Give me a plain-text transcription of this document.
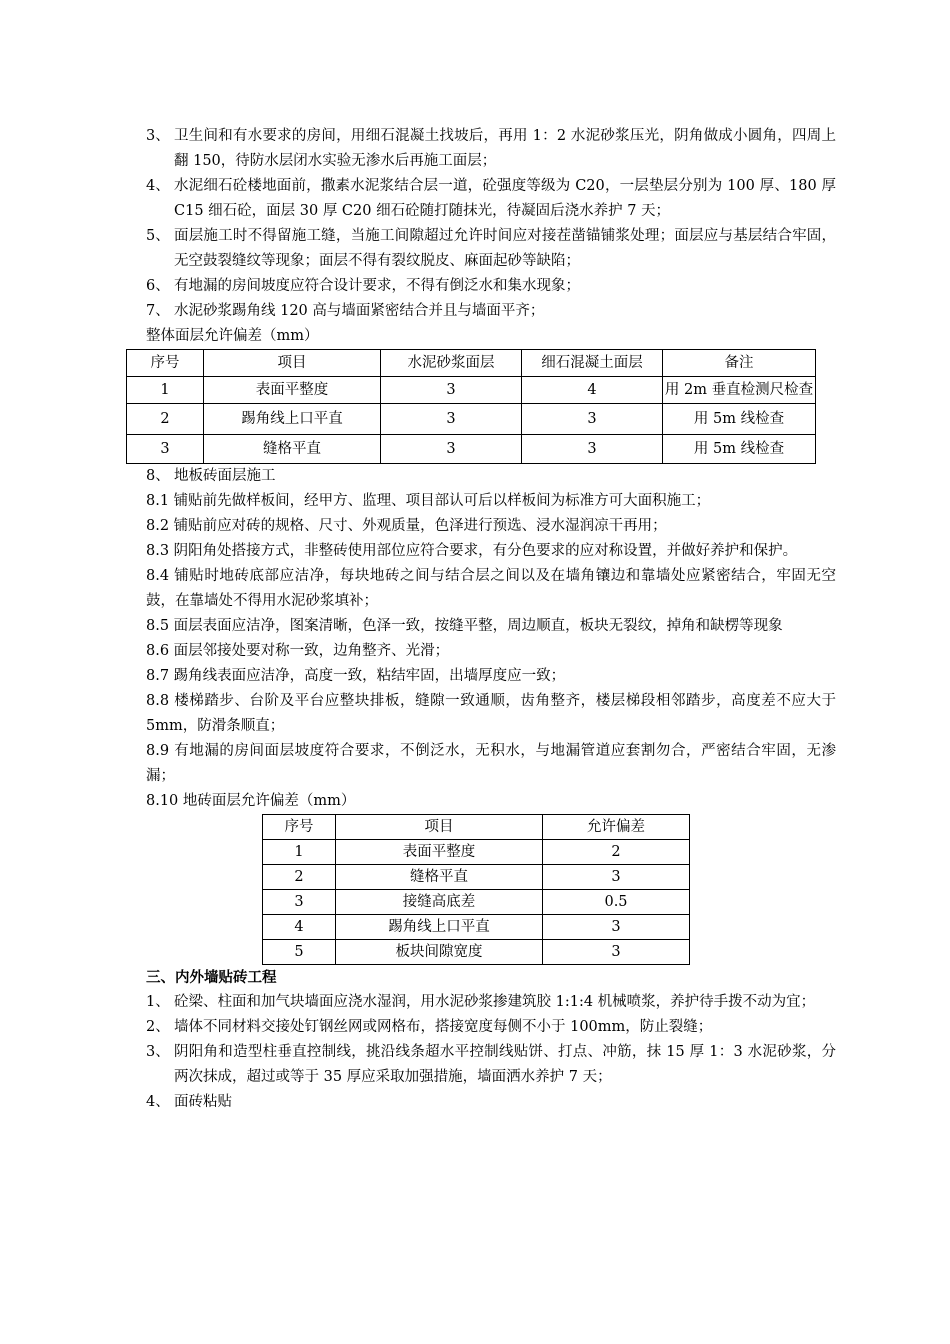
3、 卫生间和有水要求的房间，用细石混凝土找坡后，再用 1：2 水泥砂浆压光，阴角做成小圆角，四周上翻 150，待防水层闭水实验无渗水后再施工面层；
4、 水泥细石砼楼地面前，撒素水泥浆结合层一道，砼强度等级为 C20，一层垫层分别为 100 厚、180 厚 C15 细石砼，面层 30 厚 C20 细石砼随打随抹光，待凝固后浇水养护 7 天；
5、 面层施工时不得留施工缝，当施工间隙超过允许时间应对接茬凿锚铺浆处理；面层应与基层结合牢固，无空鼓裂缝纹等现象；面层不得有裂纹脱皮、麻面起砂等缺陷；
6、 有地漏的房间坡度应符合设计要求，不得有倒泛水和集水现象；
7、 水泥砂浆踢角线 120 高与墙面紧密结合并且与墙面平齐；
整体面层允许偏差（mm）
序号	项目	水泥砂浆面层	细石混凝土面层	备注
1	表面平整度	3	4	用 2m 垂直检测尺检查
2	踢角线上口平直	3	3	用 5m 线检查
3	缝格平直	3	3	用 5m 线检查
8、 地板砖面层施工
8.1 铺贴前先做样板间，经甲方、监理、项目部认可后以样板间为标准方可大面积施工；
8.2 铺贴前应对砖的规格、尺寸、外观质量，色泽进行预选、浸水湿润凉干再用；
8.3 阴阳角处搭接方式，非整砖使用部位应符合要求，有分色要求的应对称设置，并做好养护和保护。
8.4 铺贴时地砖底部应洁净，每块地砖之间与结合层之间以及在墙角镶边和靠墙处应紧密结合，牢固无空鼓，在靠墙处不得用水泥砂浆填补；
8.5 面层表面应洁净，图案清晰，色泽一致，按缝平整，周边顺直，板块无裂纹，掉角和缺楞等现象
8.6 面层邻接处要对称一致，边角整齐、光滑；
8.7 踢角线表面应洁净，高度一致，粘结牢固，出墙厚度应一致；
8.8 楼梯踏步、台阶及平台应整块排板，缝隙一致通顺，齿角整齐，楼层梯段相邻踏步，高度差不应大于 5mm，防滑条顺直；
8.9 有地漏的房间面层坡度符合要求，不倒泛水，无积水，与地漏管道应套割勿合，严密结合牢固，无渗漏；
8.10 地砖面层允许偏差（mm）
序号	项目	允许偏差
1	表面平整度	2
2	缝格平直	3
3	接缝高底差	0.5
4	踢角线上口平直	3
5	板块间隙宽度	3
三、内外墙贴砖工程
1、 砼梁、柱面和加气块墙面应浇水湿润，用水泥砂浆掺建筑胶 1:1:4 机械喷浆，养护待手拨不动为宜；
2、 墙体不同材料交接处钉钢丝网或网格布，搭接宽度每侧不小于 100mm，防止裂缝；
3、 阴阳角和造型柱垂直控制线，挑沿线条超水平控制线贴饼、打点、冲筋，抹 15 厚 1：3 水泥砂浆，分两次抹成，超过或等于 35 厚应采取加强措施，墙面洒水养护 7 天；
4、 面砖粘贴
